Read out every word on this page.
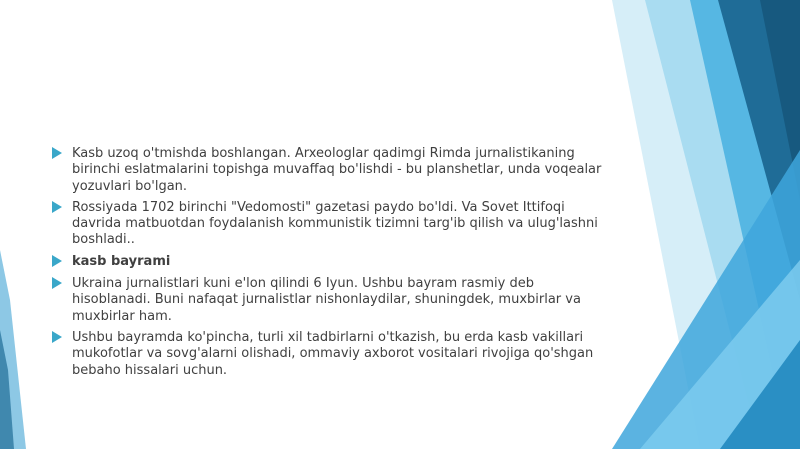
Kasb uzoq o'tmishda boshlangan. Arxeologlar qadimgi Rimda jurnalistikaning birinchi eslatmalarini topishga muvaffaq bo'lishdi - bu planshetlar, unda voqealar yozuvlari bo'lgan.
Rossiyada 1702 birinchi "Vedomosti" gazetasi paydo bo'ldi. Va Sovet Ittifoqi davrida matbuotdan foydalanish kommunistik tizimni targ'ib qilish va ulug'lashni boshladi..
kasb bayrami
Ukraina jurnalistlari kuni e'lon qilindi 6 Iyun. Ushbu bayram rasmiy deb hisoblanadi. Buni nafaqat jurnalistlar nishonlaydilar, shuningdek, muxbirlar va muxbirlar ham.
Ushbu bayramda ko'pincha, turli xil tadbirlarni o'tkazish, bu erda kasb vakillari mukofotlar va sovg'alarni olishadi, ommaviy axborot vositalari rivojiga qo'shgan bebaho hissalari uchun.
